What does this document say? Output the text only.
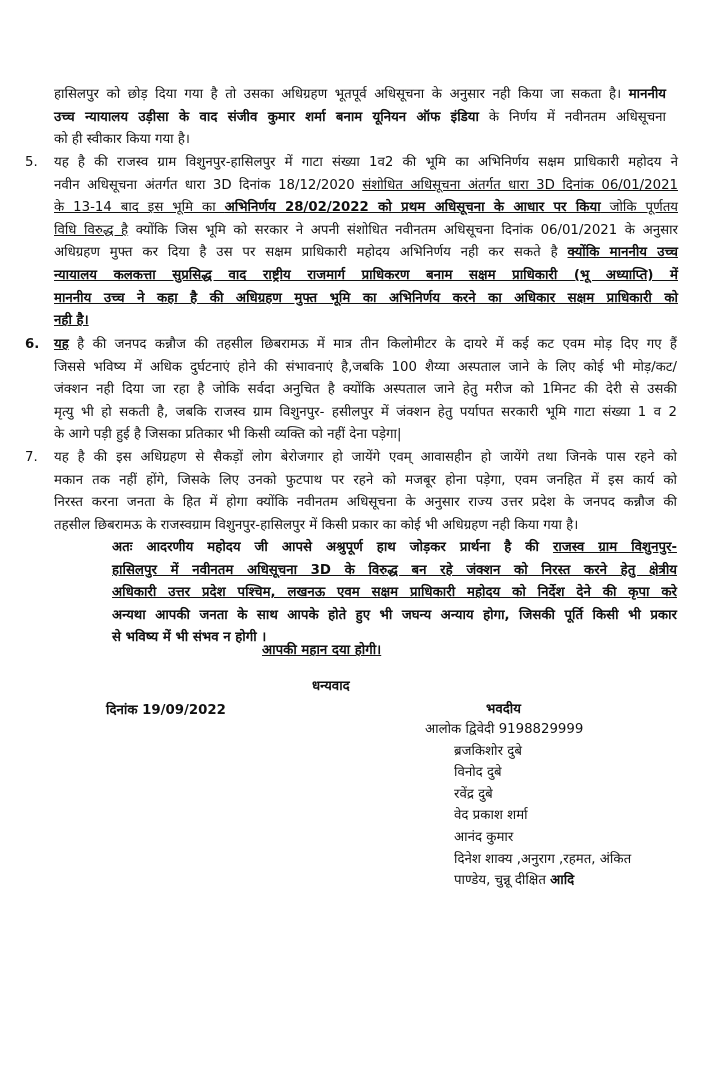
हासिलपुर को छोड़ दिया गया है तो उसका अधिग्रहण भूतपूर्व अधिसूचना के अनुसार नही किया जा सकता है। माननीय
उच्च न्यायालय उड़ीसा के वाद संजीव कुमार शर्मा बनाम यूनियन ऑफ इंडिया के निर्णय में नवीनतम अधिसूचना
को ही स्वीकार किया गया है।
5. यह है की राजस्व ग्राम विशुनपुर-हासिलपुर में गाटा संख्या 1व2 की भूमि का अभिनिर्णय सक्षम प्राधिकारी महोदय ने
नवीन अधिसूचना अंतर्गत धारा 3D दिनांक 18/12/2020 संशोधित अधिसूचना अंतर्गत धारा 3D दिनांक 06/01/2021
के 13-14 बाद इस भूमि का अभिनिर्णय 28/02/2022 को प्रथम अधिसूचना के आधार पर किया जोकि पूर्णतय
विधि विरुद्ध है क्योंकि जिस भूमि को सरकार ने अपनी संशोधित नवीनतम अधिसूचना दिनांक 06/01/2021 के अनुसार
अधिग्रहण मुफ्त कर दिया है उस पर सक्षम प्राधिकारी महोदय अभिनिर्णय नही कर सकते है क्योंकि माननीय उच्च
न्यायालय कलकत्ता सुप्रसिद्ध वाद राष्ट्रीय राजमार्ग प्राधिकरण बनाम सक्षम प्राधिकारी (भू अध्याप्ति) में
माननीय उच्च ने कहा है की अधिग्रहण मुफ्त भूमि का अभिनिर्णय करने का अधिकार सक्षम प्राधिकारी को
नही है।
6. यह है की जनपद कन्नौज की तहसील छिबरामऊ में मात्र तीन किलोमीटर के दायरे में कई कट एवम मोड़ दिए गए हैं
जिससे भविष्य में अधिक दुर्घटनाएं होने की संभावनाएं है,जबकि 100 शैय्या अस्पताल जाने के लिए कोई भी मोड़/कट/
जंक्शन नही दिया जा रहा है जोकि सर्वदा अनुचित है क्योंकि अस्पताल जाने हेतु मरीज को 1मिनट की देरी से उसकी
मृत्यु भी हो सकती है, जबकि राजस्व ग्राम विशुनपुर- हसीलपुर में जंक्शन हेतु पर्यापत सरकारी भूमि गाटा संख्या 1 व 2
के आगे पड़ी हुई है जिसका प्रतिकार भी किसी व्यक्ति को नहीं देना पड़ेगा|
7. यह है की इस अधिग्रहण से सैकड़ों लोग बेरोजगार हो जायेंगे एवम् आवासहीन हो जायेंगे तथा जिनके पास रहने को
मकान तक नहीं होंगे, जिसके लिए उनको फुटपाथ पर रहने को मजबूर होना पड़ेगा, एवम जनहित में इस कार्य को
निरस्त करना जनता के हित में होगा क्योंकि नवीनतम अधिसूचना के अनुसार राज्य उत्तर प्रदेश के जनपद कन्नौज की
तहसील छिबरामऊ के राजस्वग्राम विशुनपुर-हासिलपुर में किसी प्रकार का कोई भी अधिग्रहण नही किया गया है।
अतः आदरणीय महोदय जी आपसे अश्रुपूर्ण हाथ जोड़कर प्रार्थना है की राजस्व ग्राम विशुनपुर-
हासिलपुर में नवीनतम अधिसूचना 3D के विरुद्ध बन रहे जंक्शन को निरस्त करने हेतु क्षेत्रीय
अधिकारी उत्तर प्रदेश पश्चिम, लखनऊ एवम सक्षम प्राधिकारी महोदय को निर्देश देने की कृपा करे
अन्यथा आपकी जनता के साथ आपके होते हुए भी जघन्य अन्याय होगा, जिसकी पूर्ति किसी भी प्रकार
से भविष्य में भी संभव न होगी ।
आपकी महान दया होगी।
धन्यवाद
दिनांक 19/09/2022	भवदीय
आलोक द्विवेदी 9198829999
ब्रजकिशोर दुबे
विनोद दुबे
रवेंद्र दुबे
वेद प्रकाश शर्मा
आनंद कुमार
दिनेश शाक्य ,अनुराग ,रहमत, अंकित
पाण्डेय, चुन्नू दीक्षित आदि
